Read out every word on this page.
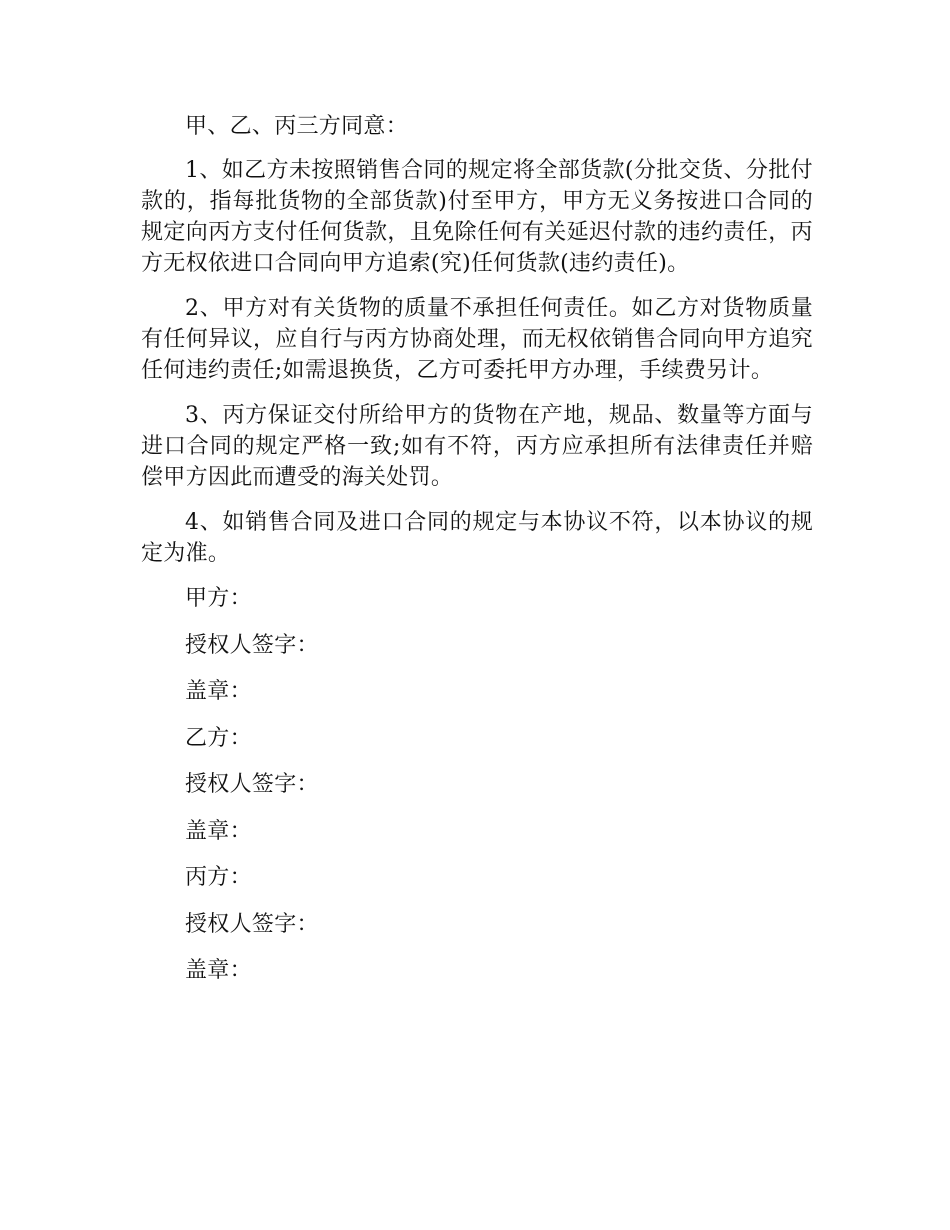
甲、乙、丙三方同意：

1、如乙方未按照销售合同的规定将全部货款(分批交货、分批付款的，指每批货物的全部货款)付至甲方，甲方无义务按进口合同的规定向丙方支付任何货款，且免除任何有关延迟付款的违约责任，丙方无权依进口合同向甲方追索(究)任何货款(违约责任)。

2、甲方对有关货物的质量不承担任何责任。如乙方对货物质量有任何异议，应自行与丙方协商处理，而无权依销售合同向甲方追究任何违约责任;如需退换货，乙方可委托甲方办理，手续费另计。

3、丙方保证交付所给甲方的货物在产地，规品、数量等方面与进口合同的规定严格一致;如有不符，丙方应承担所有法律责任并赔偿甲方因此而遭受的海关处罚。

4、如销售合同及进口合同的规定与本协议不符，以本协议的规定为准。

甲方：

授权人签字：

盖章：

乙方：

授权人签字：

盖章：

丙方：

授权人签字：

盖章：
